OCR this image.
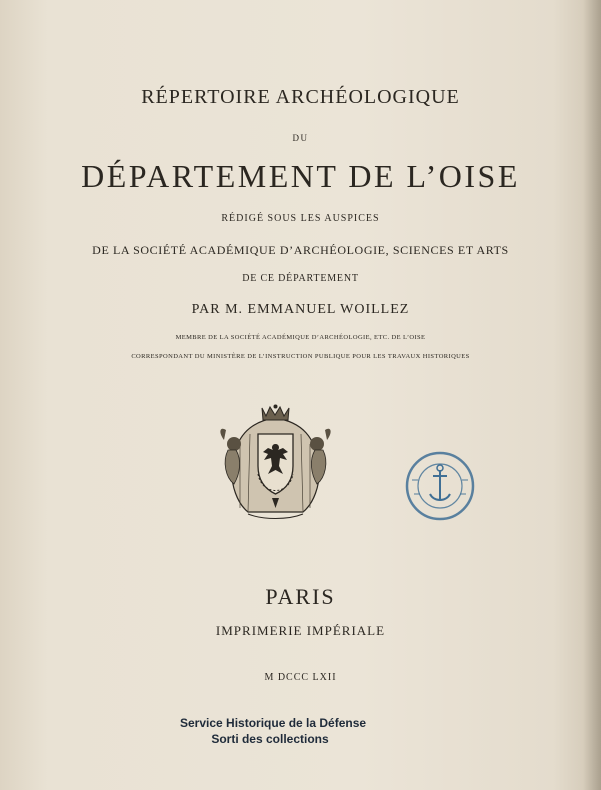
RÉPERTOIRE ARCHÉOLOGIQUE
DU
DÉPARTEMENT DE L’OISE
RÉDIGÉ SOUS LES AUSPICES
DE LA SOCIÉTÉ ACADÉMIQUE D’ARCHÉOLOGIE, SCIENCES ET ARTS
DE CE DÉPARTEMENT
PAR M. EMMANUEL WOILLEZ
MEMBRE DE LA SOCIÉTÉ ACADÉMIQUE D’ARCHÉOLOGIE, ETC. DE L’OISE
CORRESPONDANT DU MINISTÈRE DE L’INSTRUCTION PUBLIQUE POUR LES TRAVAUX HISTORIQUES
PARIS
IMPRIMERIE IMPÉRIALE
M DCCC LXII
Service Historique de la Défense
Sorti des collections
